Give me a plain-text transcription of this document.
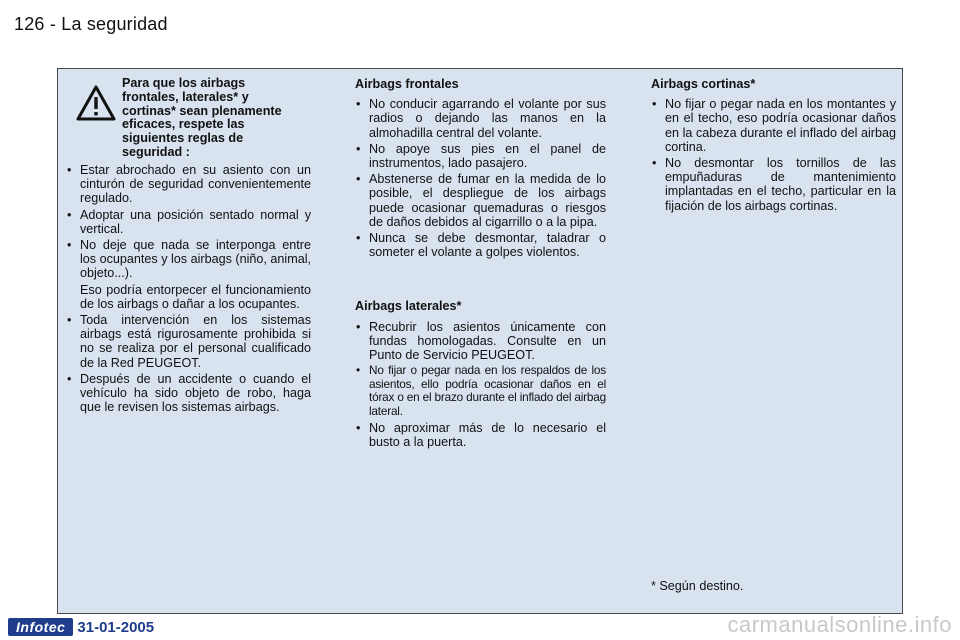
126 - La seguridad
Para que los airbags frontales, laterales* y cortinas* sean plenamente eficaces, respete las siguientes reglas de seguridad :
• Estar abrochado en su asiento con un cinturón de seguridad convenientemente regulado.
• Adoptar una posición sentado normal y vertical.
• No deje que nada se interponga entre los ocupantes y los airbags (niño, animal, objeto...).
Eso podría entorpecer el funcionamiento de los airbags o dañar a los ocupantes.
• Toda intervención en los sistemas airbags está rigurosamente prohibida si no se realiza por el personal cualificado de la Red PEUGEOT.
• Después de un accidente o cuando el vehículo ha sido objeto de robo, haga que le revisen los sistemas airbags.
Airbags frontales
• No conducir agarrando el volante por sus radios o dejando las manos en la almohadilla central del volante.
• No apoye sus pies en el panel de instrumentos, lado pasajero.
• Abstenerse de fumar en la medida de lo posible, el despliegue de los airbags puede ocasionar quemaduras o riesgos de daños debidos al cigarrillo o a la pipa.
• Nunca se debe desmontar, taladrar o someter el volante a golpes violentos.
Airbags laterales*
• Recubrir los asientos únicamente con fundas homologadas. Consulte en un Punto de Servicio PEUGEOT.
• No fijar o pegar nada en los respaldos de los asientos, ello podría ocasionar daños en el tórax o en el brazo durante el inflado del airbag lateral.
• No aproximar más de lo necesario el busto a la puerta.
Airbags cortinas*
• No fijar o pegar nada en los montantes y en el techo, eso podría ocasionar daños en la cabeza durante el inflado del airbag cortina.
• No desmontar los tornillos de las empuñaduras de mantenimiento implantadas en el techo, particular en la fijación de los airbags cortinas.
* Según destino.
Infotec 31-01-2005	carmanualsonline.info
